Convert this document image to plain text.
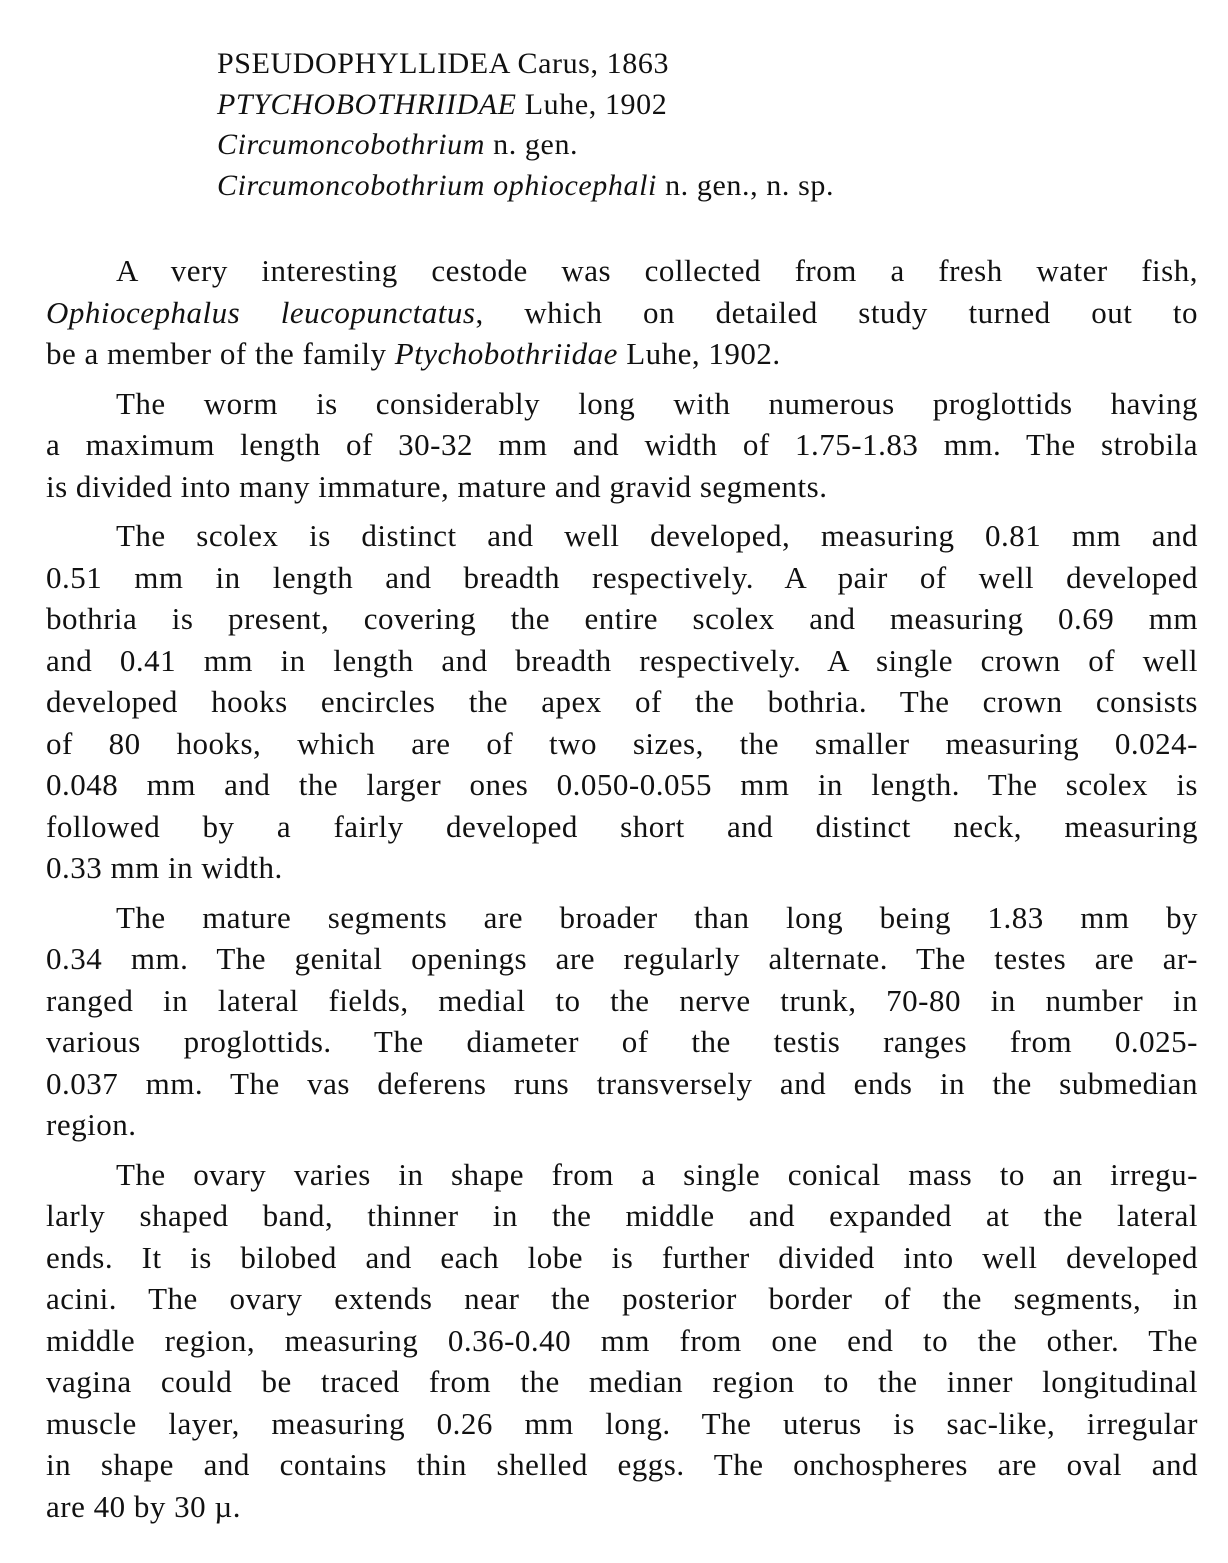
PSEUDOPHYLLIDEA Carus, 1863
PTYCHOBOTHRIIDAE Luhe, 1902
Circumoncobothrium n. gen.
Circumoncobothrium ophiocephali n. gen., n. sp.
A very interesting cestode was collected from a fresh water fish,
Ophiocephalus leucopunctatus, which on detailed study turned out to
be a member of the family Ptychobothriidae Luhe, 1902.
The worm is considerably long with numerous proglottids having
a maximum length of 30-32 mm and width of 1.75-1.83 mm. The strobila
is divided into many immature, mature and gravid segments.
The scolex is distinct and well developed, measuring 0.81 mm and
0.51 mm in length and breadth respectively. A pair of well developed
bothria is present, covering the entire scolex and measuring 0.69 mm
and 0.41 mm in length and breadth respectively. A single crown of well
developed hooks encircles the apex of the bothria. The crown consists
of 80 hooks, which are of two sizes, the smaller measuring 0.024-
0.048 mm and the larger ones 0.050-0.055 mm in length. The scolex is
followed by a fairly developed short and distinct neck, measuring
0.33 mm in width.
The mature segments are broader than long being 1.83 mm by
0.34 mm. The genital openings are regularly alternate. The testes are ar-
ranged in lateral fields, medial to the nerve trunk, 70-80 in number in
various proglottids. The diameter of the testis ranges from 0.025-
0.037 mm. The vas deferens runs transversely and ends in the submedian
region.
The ovary varies in shape from a single conical mass to an irregu-
larly shaped band, thinner in the middle and expanded at the lateral
ends. It is bilobed and each lobe is further divided into well developed
acini. The ovary extends near the posterior border of the segments, in
middle region, measuring 0.36-0.40 mm from one end to the other. The
vagina could be traced from the median region to the inner longitudinal
muscle layer, measuring 0.26 mm long. The uterus is sac-like, irregular
in shape and contains thin shelled eggs. The onchospheres are oval and
are 40 by 30 µ.
